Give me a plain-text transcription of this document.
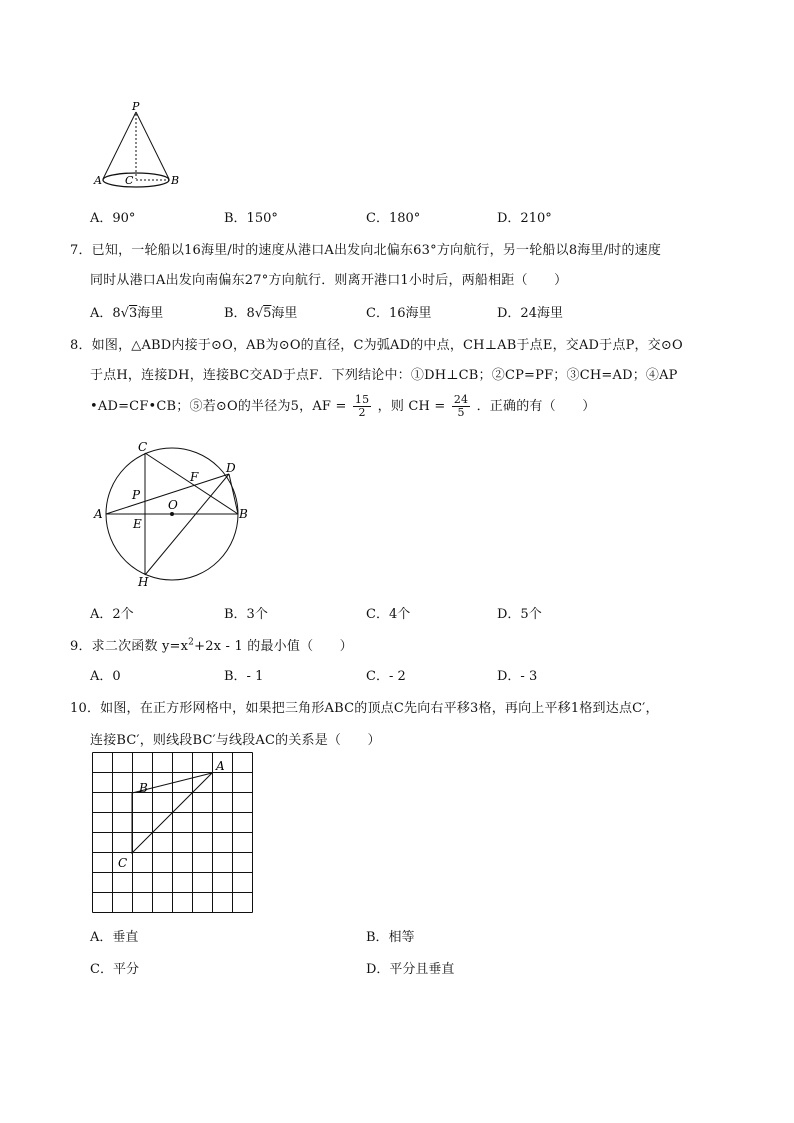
P
A C	B
A．90°	B．150°	C．180°	D．210°
7．已知，一轮船以16海里/时的速度从港口A出发向北偏东63°方向航行，另一轮船以8海里/时的速度
同时从港口A出发向南偏东27°方向航行．则离开港口1小时后，两船相距（　　）
A．8√3海里	B．8√5海里	C．16海里	D．24海里
8．如图，△ABD内接于⊙O，AB为⊙O的直径，C为弧AD的中点，CH⊥AB于点E，交AD于点P，交⊙O
于点H，连接DH，连接BC交AD于点F．下列结论中：①DH⊥CB；②CP=PF；③CH=AD；④AP
•AD=CF•CB；⑤若⊙O的半径为5，AF = $\frac{15}{2}$ ，则 CH = $\frac{24}{5}$ ．正确的有（　　）
C
D
F
P
O
A
E
B
H
A．2个	B．3个	C．4个	D．5个
9．求二次函数 $y=x^2+2x - 1$ 的最小值（　　）
A．0	B．- 1	C．- 2	D．- 3
10．如图，在正方形网格中，如果把三角形ABC的顶点C先向右平移3格，再向上平移1格到达点C′，
连接BC′，则线段BC′与线段AC的关系是（　　）
A
B
C
A．垂直	B．相等
C．平分	D．平分且垂直
